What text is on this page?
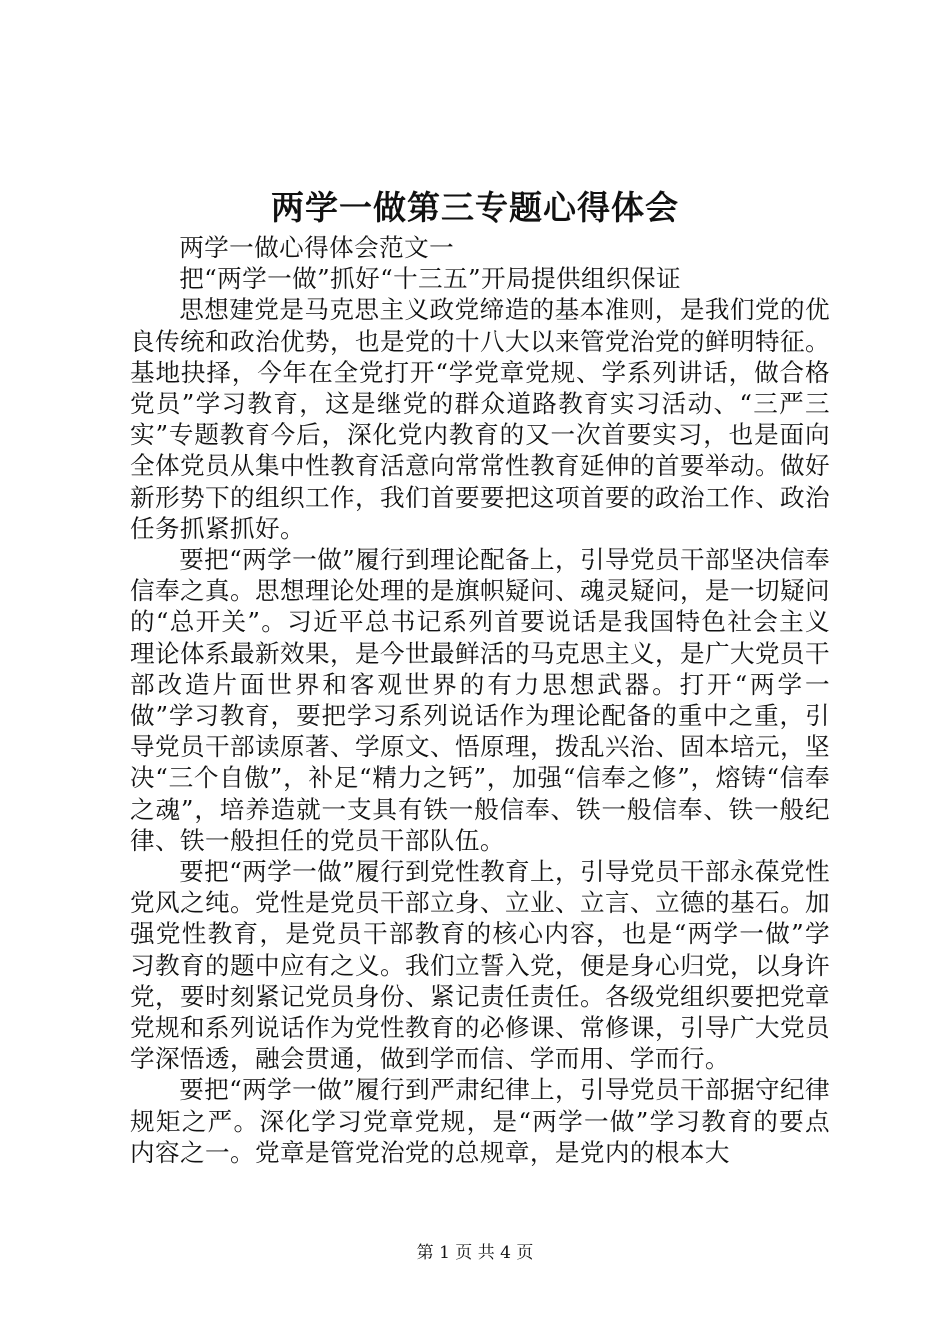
两学一做第三专题心得体会

两学一做心得体会范文一

把“两学一做”抓好“十三五”开局提供组织保证

思想建党是马克思主义政党缔造的基本准则，是我们党的优良传统和政治优势，也是党的十八大以来管党治党的鲜明特征。基地抉择，今年在全党打开“学党章党规、学系列讲话，做合格党员”学习教育，这是继党的群众道路教育实习活动、“三严三实”专题教育今后，深化党内教育的又一次首要实习，也是面向全体党员从集中性教育活意向常常性教育延伸的首要举动。做好新形势下的组织工作，我们首要要把这项首要的政治工作、政治任务抓紧抓好。

要把“两学一做”履行到理论配备上，引导党员干部坚决信奉信奉之真。思想理论处理的是旗帜疑问、魂灵疑问，是一切疑问的“总开关”。习近平总书记系列首要说话是我国特色社会主义理论体系最新效果，是今世最鲜活的马克思主义，是广大党员干部改造片面世界和客观世界的有力思想武器。打开“两学一做”学习教育，要把学习系列说话作为理论配备的重中之重，引导党员干部读原著、学原文、悟原理，拨乱兴治、固本培元，坚决“三个自傲”，补足“精力之钙”，加强“信奉之修”，熔铸“信奉之魂”，培养造就一支具有铁一般信奉、铁一般信奉、铁一般纪律、铁一般担任的党员干部队伍。

要把“两学一做”履行到党性教育上，引导党员干部永葆党性党风之纯。党性是党员干部立身、立业、立言、立德的基石。加强党性教育，是党员干部教育的核心内容，也是“两学一做”学习教育的题中应有之义。我们立誓入党，便是身心归党，以身许党，要时刻紧记党员身份、紧记责任责任。各级党组织要把党章党规和系列说话作为党性教育的必修课、常修课，引导广大党员学深悟透，融会贯通，做到学而信、学而用、学而行。

要把“两学一做”履行到严肃纪律上，引导党员干部据守纪律规矩之严。深化学习党章党规，是“两学一做”学习教育的要点内容之一。党章是管党治党的总规章，是党内的根本大

第 1 页 共 4 页
